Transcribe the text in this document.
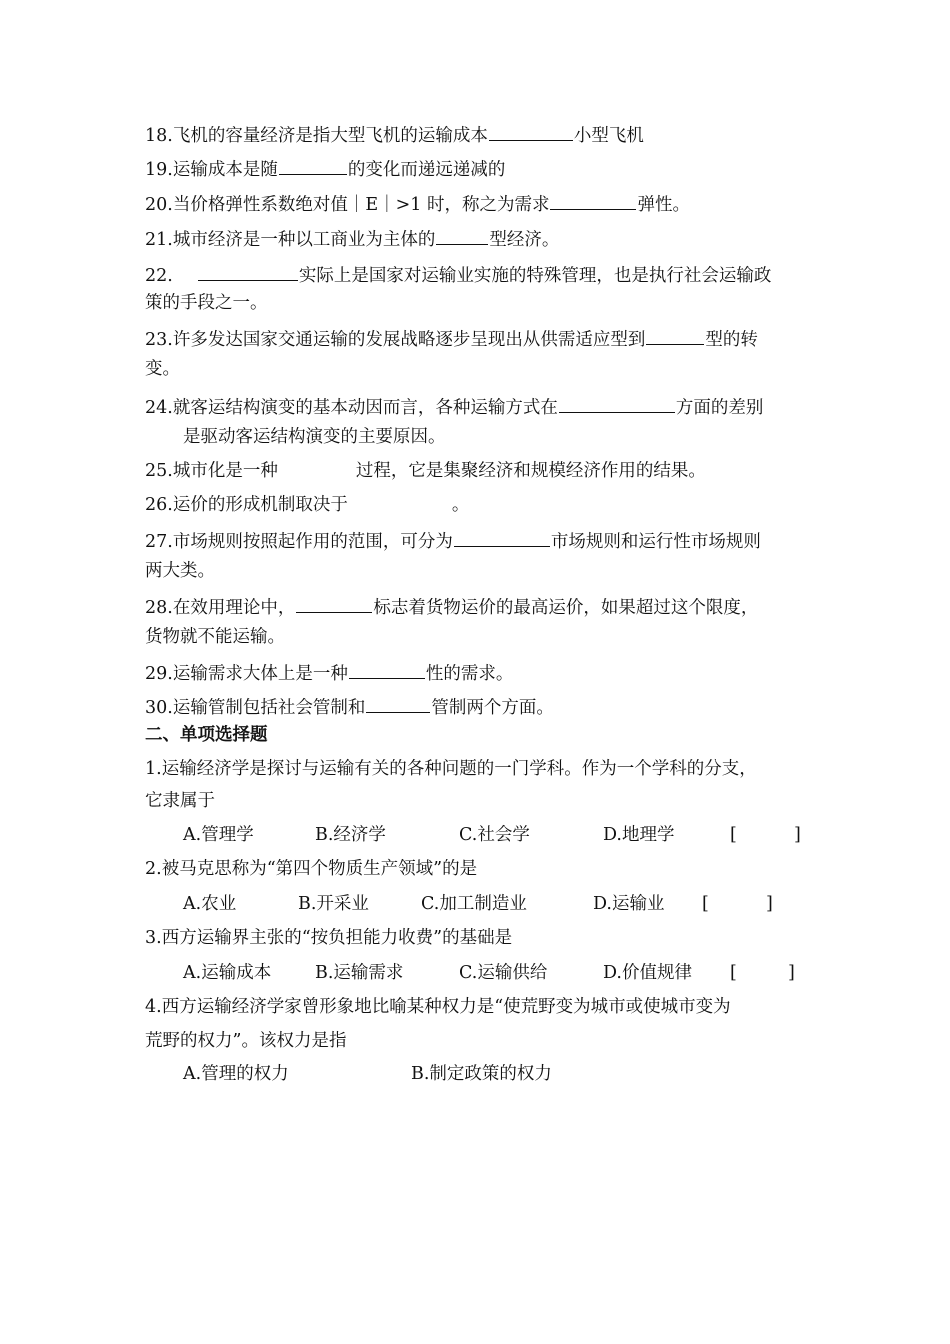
18.飞机的容量经济是指大型飞机的运输成本	小型飞机
19.运输成本是随	的变化而递远递减的
20.当价格弹性系数绝对值｜E｜>1 时，称之为需求	弹性。
21.城市经济是一种以工商业为主体的	型经济。
22.	实际上是国家对运输业实施的特殊管理，也是执行社会运输政
策的手段之一。
23.许多发达国家交通运输的发展战略逐步呈现出从供需适应型到	型的转
变。
24.就客运结构演变的基本动因而言，各种运输方式在	方面的差别
是驱动客运结构演变的主要原因。
25.城市化是一种	过程，它是集聚经济和规模经济作用的结果。
26.运价的形成机制取决于	。
27.市场规则按照起作用的范围，可分为	市场规则和运行性市场规则
两大类。
28.在效用理论中，	标志着货物运价的最高运价，如果超过这个限度，
货物就不能运输。
29.运输需求大体上是一种	性的需求。
30.运输管制包括社会管制和	管制两个方面。
二、单项选择题
1.运输经济学是探讨与运输有关的各种问题的一门学科。作为一个学科的分支，
它隶属于
A.管理学	B.经济学	C.社会学	D.地理学	[	]
2.被马克思称为“第四个物质生产领域”的是
A.农业	B.开采业	C.加工制造业	D.运输业 [	]
3.西方运输界主张的“按负担能力收费”的基础是
A.运输成本	B.运输需求	C.运输供给	D.价值规律 [	]
4.西方运输经济学家曾形象地比喻某种权力是“使荒野变为城市或使城市变为
荒野的权力”。该权力是指
A.管理的权力	B.制定政策的权力
